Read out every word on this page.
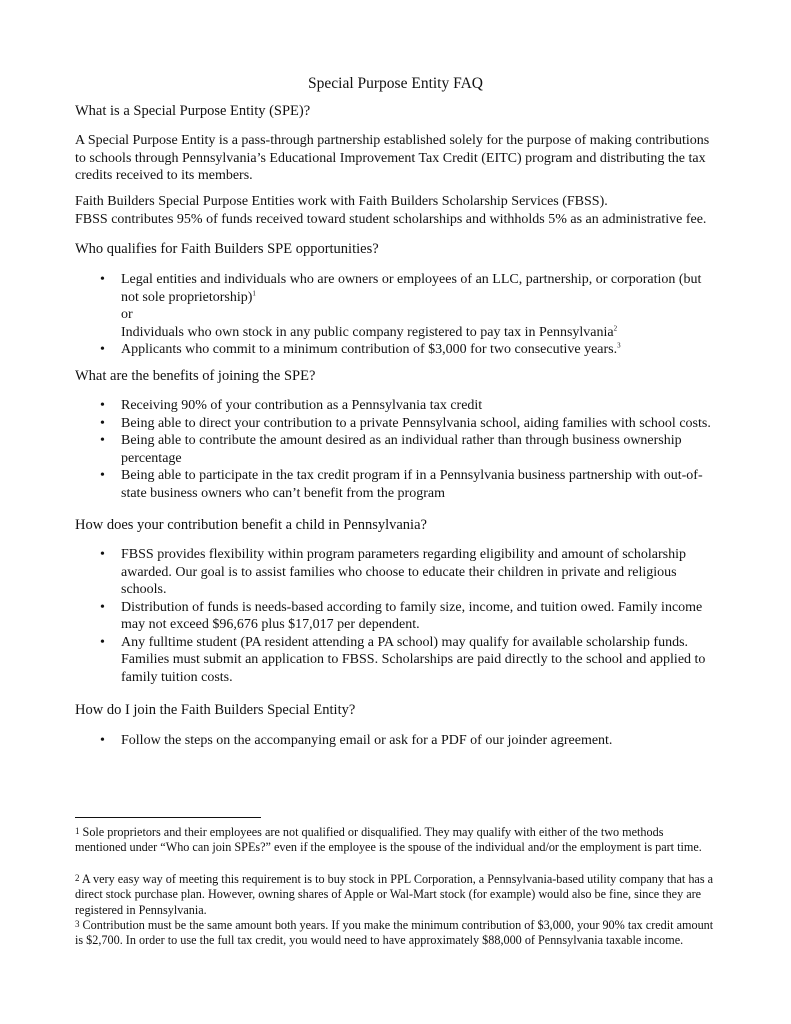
Special Purpose Entity FAQ

What is a Special Purpose Entity (SPE)?

A Special Purpose Entity is a pass-through partnership established solely for the purpose of making contributions to schools through Pennsylvania’s Educational Improvement Tax Credit (EITC) program and distributing the tax credits received to its members.

Faith Builders Special Purpose Entities work with Faith Builders Scholarship Services (FBSS).

FBSS contributes 95% of funds received toward student scholarships and withholds 5% as an administrative fee.

Who qualifies for Faith Builders SPE opportunities?

• Legal entities and individuals who are owners or employees of an LLC, partnership, or corporation (but not sole proprietorship)$^1$
or
Individuals who own stock in any public company registered to pay tax in Pennsylvania$^2$
• Applicants who commit to a minimum contribution of $3,000 for two consecutive years.$^3$

What are the benefits of joining the SPE?

• Receiving 90% of your contribution as a Pennsylvania tax credit
• Being able to direct your contribution to a private Pennsylvania school, aiding families with school costs.
• Being able to contribute the amount desired as an individual rather than through business ownership percentage
• Being able to participate in the tax credit program if in a Pennsylvania business partnership with out-of-state business owners who can’t benefit from the program

How does your contribution benefit a child in Pennsylvania?

• FBSS provides flexibility within program parameters regarding eligibility and amount of scholarship awarded. Our goal is to assist families who choose to educate their children in private and religious schools.
• Distribution of funds is needs-based according to family size, income, and tuition owed. Family income may not exceed $96,676 plus $17,017 per dependent.
• Any fulltime student (PA resident attending a PA school) may qualify for available scholarship funds. Families must submit an application to FBSS. Scholarships are paid directly to the school and applied to family tuition costs.

How do I join the Faith Builders Special Entity?

• Follow the steps on the accompanying email or ask for a PDF of our joinder agreement.
$^1$ Sole proprietors and their employees are not qualified or disqualified. They may qualify with either of the two methods mentioned under “Who can join SPEs?” even if the employee is the spouse of the individual and/or the employment is part time.
$^2$ A very easy way of meeting this requirement is to buy stock in PPL Corporation, a Pennsylvania-based utility company that has a direct stock purchase plan. However, owning shares of Apple or Wal-Mart stock (for example) would also be fine, since they are registered in Pennsylvania.
$^3$ Contribution must be the same amount both years. If you make the minimum contribution of $3,000, your 90% tax credit amount is $2,700. In order to use the full tax credit, you would need to have approximately $88,000 of Pennsylvania taxable income.
